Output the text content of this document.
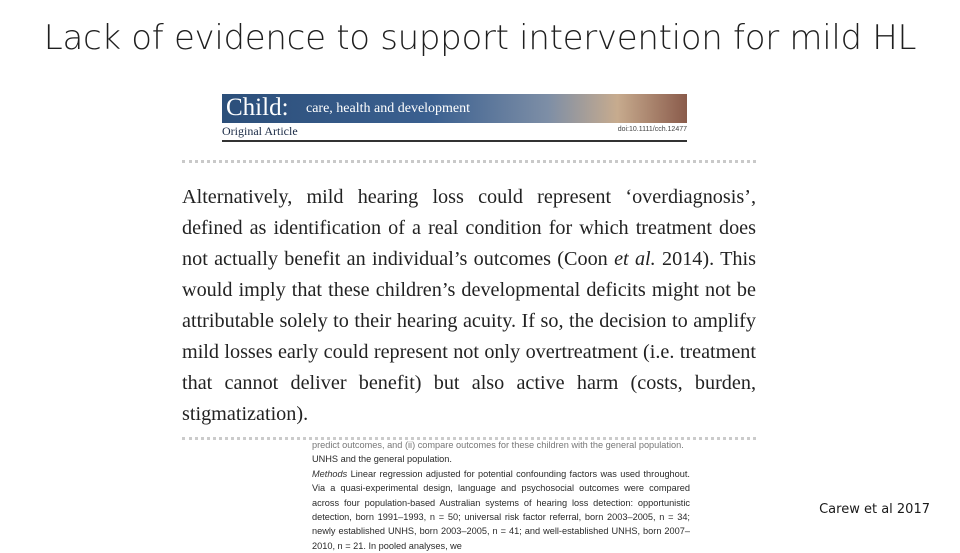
Lack of evidence to support intervention for mild HL
Child: care, health and development
Original Article	doi:10.1111/cch.12477
Alternatively, mild hearing loss could represent ‘overdiagnosis’, defined as identification of a real condition for which treatment does not actually benefit an individual’s outcomes (Coon et al. 2014). This would imply that these children’s developmental deficits might not be attributable solely to their hearing acuity. If so, the decision to amplify mild losses early could represent not only overtreatment (i.e. treatment that cannot deliver benefit) but also active harm (costs, burden, stigmatization).
predict outcomes, and (ii) compare outcomes for these children with the general population.
UNHS and the general population.
Methods Linear regression adjusted for potential confounding factors was used throughout. Via a quasi-experimental design, language and psychosocial outcomes were compared across four population-based Australian systems of hearing loss detection: opportunistic detection, born 1991–1993, n = 50; universal risk factor referral, born 2003–2005, n = 34; newly established UNHS, born 2003–2005, n = 41; and well-established UNHS, born 2007–2010, n = 21. In pooled analyses, we
Carew et al 2017
